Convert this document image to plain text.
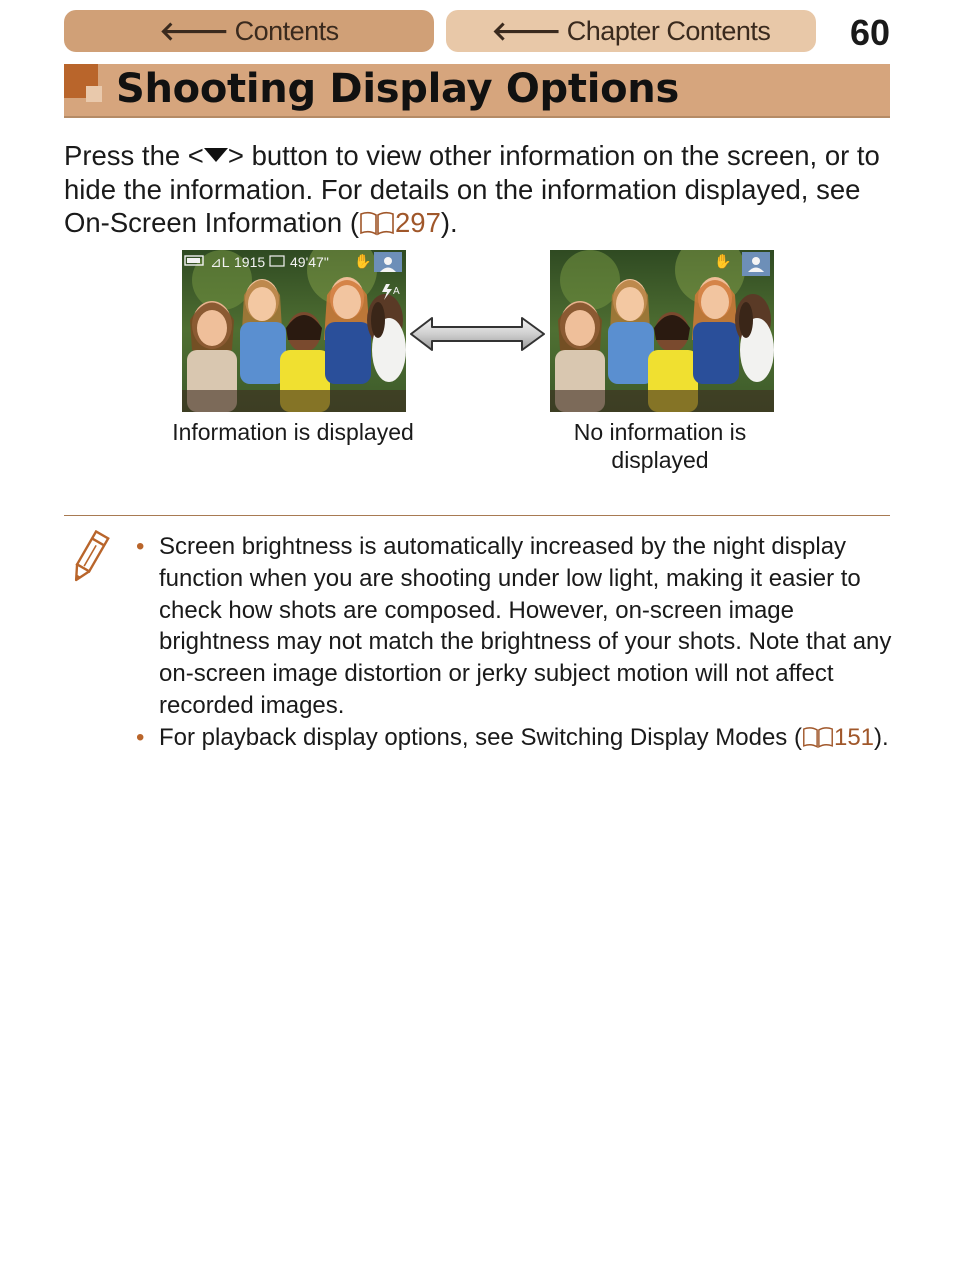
🡐 Contents	🡐 Chapter Contents 60
Shooting Display Options
Press the < > button to view other information on the screen, or to hide the information. For details on the information displayed, see On-Screen Information ( 297).
⊿L 1915 49'47" ✋
A
✋
Information is displayed	No information is displayed
• Screen brightness is automatically increased by the night display function when you are shooting under low light, making it easier to check how shots are composed. However, on-screen image brightness may not match the brightness of your shots. Note that any on-screen image distortion or jerky subject motion will not affect recorded images.
• For playback display options, see Switching Display Modes ( 151).
